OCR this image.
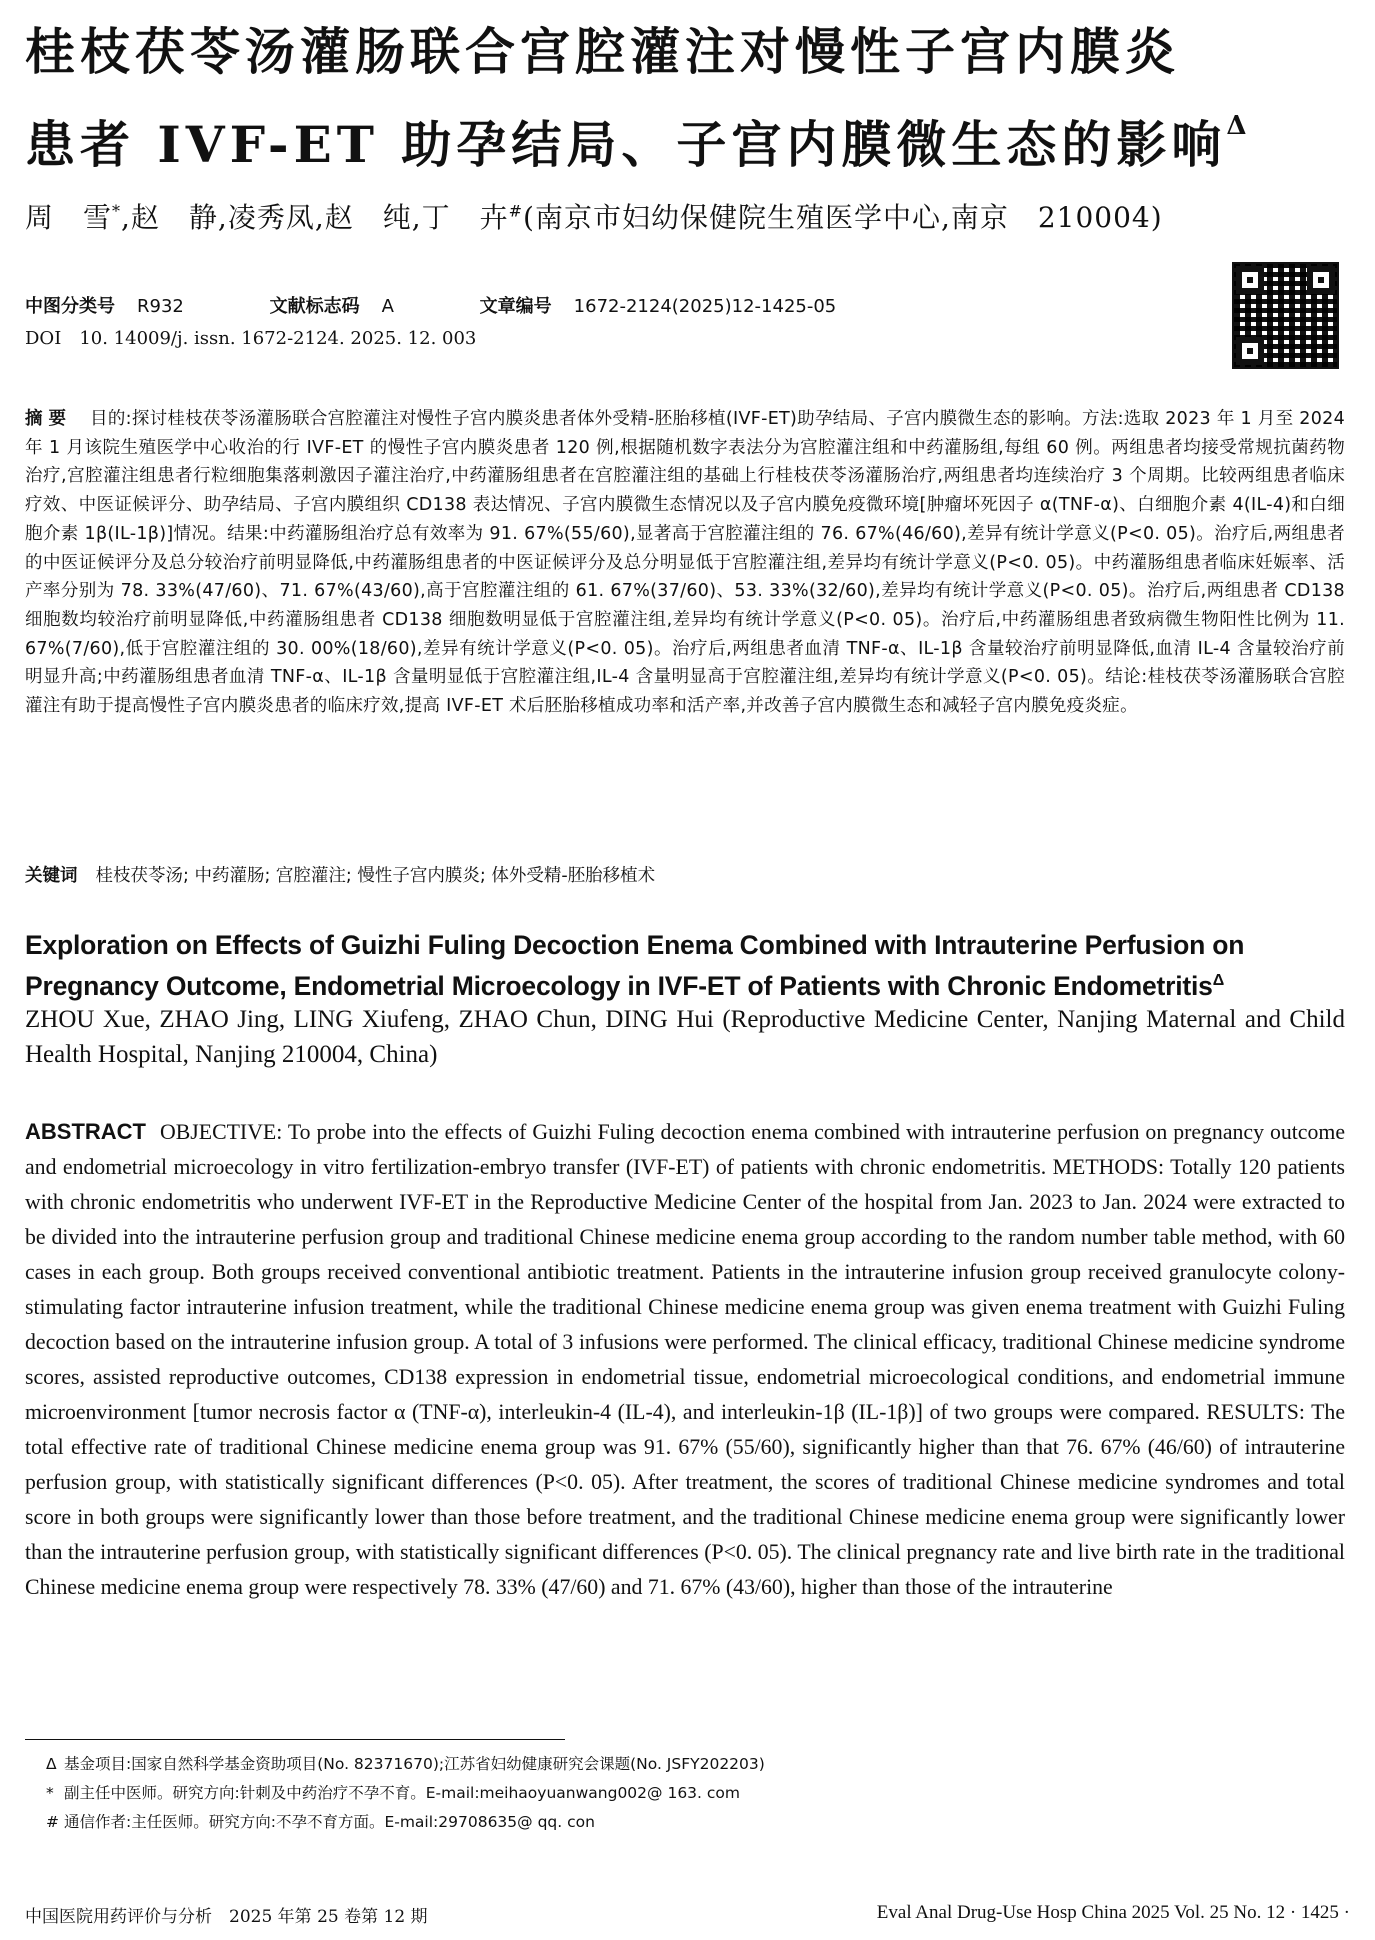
桂枝茯苓汤灌肠联合宫腔灌注对慢性子宫内膜炎
患者 IVF-ET 助孕结局、子宫内膜微生态的影响$^\Delta$
周　雪*,赵　静,凌秀凤,赵　纯,丁　卉#(南京市妇幼保健院生殖医学中心,南京　210004)
中图分类号 R932	文献标志码 A	文章编号 1672-2124(2025)12-1425-05
DOI 10. 14009/j. issn. 1672-2124. 2025. 12. 003
摘要 目的:探讨桂枝茯苓汤灌肠联合宫腔灌注对慢性子宫内膜炎患者体外受精-胚胎移植(IVF-ET)助孕结局、子宫内膜微生态的影响。方法:选取 2023 年 1 月至 2024 年 1 月该院生殖医学中心收治的行 IVF-ET 的慢性子宫内膜炎患者 120 例,根据随机数字表法分为宫腔灌注组和中药灌肠组,每组 60 例。两组患者均接受常规抗菌药物治疗,宫腔灌注组患者行粒细胞集落刺激因子灌注治疗,中药灌肠组患者在宫腔灌注组的基础上行桂枝茯苓汤灌肠治疗,两组患者均连续治疗 3 个周期。比较两组患者临床疗效、中医证候评分、助孕结局、子宫内膜组织 CD138 表达情况、子宫内膜微生态情况以及子宫内膜免疫微环境[肿瘤坏死因子 α(TNF-α)、白细胞介素 4(IL-4)和白细胞介素 1β(IL-1β)]情况。结果:中药灌肠组治疗总有效率为 91. 67%(55/60),显著高于宫腔灌注组的 76. 67%(46/60),差异有统计学意义(P<0. 05)。治疗后,两组患者的中医证候评分及总分较治疗前明显降低,中药灌肠组患者的中医证候评分及总分明显低于宫腔灌注组,差异均有统计学意义(P<0. 05)。中药灌肠组患者临床妊娠率、活产率分别为 78. 33%(47/60)、71. 67%(43/60),高于宫腔灌注组的 61. 67%(37/60)、53. 33%(32/60),差异均有统计学意义(P<0. 05)。治疗后,两组患者 CD138 细胞数均较治疗前明显降低,中药灌肠组患者 CD138 细胞数明显低于宫腔灌注组,差异均有统计学意义(P<0. 05)。治疗后,中药灌肠组患者致病微生物阳性比例为 11. 67%(7/60),低于宫腔灌注组的 30. 00%(18/60),差异有统计学意义(P<0. 05)。治疗后,两组患者血清 TNF-α、IL-1β 含量较治疗前明显降低,血清 IL-4 含量较治疗前明显升高;中药灌肠组患者血清 TNF-α、IL-1β 含量明显低于宫腔灌注组,IL-4 含量明显高于宫腔灌注组,差异均有统计学意义(P<0. 05)。结论:桂枝茯苓汤灌肠联合宫腔灌注有助于提高慢性子宫内膜炎患者的临床疗效,提高 IVF-ET 术后胚胎移植成功率和活产率,并改善子宫内膜微生态和减轻子宫内膜免疫炎症。
关键词 桂枝茯苓汤; 中药灌肠; 宫腔灌注; 慢性子宫内膜炎; 体外受精-胚胎移植术
Exploration on Effects of Guizhi Fuling Decoction Enema Combined with Intrauterine Perfusion on
Pregnancy Outcome, Endometrial Microecology in IVF-ET of Patients with Chronic Endometritis$^\Delta$
ZHOU Xue, ZHAO Jing, LING Xiufeng, ZHAO Chun, DING Hui (Reproductive Medicine Center, Nanjing Maternal and Child Health Hospital, Nanjing 210004, China)
ABSTRACT OBJECTIVE: To probe into the effects of Guizhi Fuling decoction enema combined with intrauterine perfusion on pregnancy outcome and endometrial microecology in vitro fertilization-embryo transfer (IVF-ET) of patients with chronic endometritis. METHODS: Totally 120 patients with chronic endometritis who underwent IVF-ET in the Reproductive Medicine Center of the hospital from Jan. 2023 to Jan. 2024 were extracted to be divided into the intrauterine perfusion group and traditional Chinese medicine enema group according to the random number table method, with 60 cases in each group. Both groups received conventional antibiotic treatment. Patients in the intrauterine infusion group received granulocyte colony-stimulating factor intrauterine infusion treatment, while the traditional Chinese medicine enema group was given enema treatment with Guizhi Fuling decoction based on the intrauterine infusion group. A total of 3 infusions were performed. The clinical efficacy, traditional Chinese medicine syndrome scores, assisted reproductive outcomes, CD138 expression in endometrial tissue, endometrial microecological conditions, and endometrial immune microenvironment [tumor necrosis factor α (TNF-α), interleukin-4 (IL-4), and interleukin-1β (IL-1β)] of two groups were compared. RESULTS: The total effective rate of traditional Chinese medicine enema group was 91. 67% (55/60), significantly higher than that 76. 67% (46/60) of intrauterine perfusion group, with statistically significant differences (P<0. 05). After treatment, the scores of traditional Chinese medicine syndromes and total score in both groups were significantly lower than those before treatment, and the traditional Chinese medicine enema group were significantly lower than the intrauterine perfusion group, with statistically significant differences (P<0. 05). The clinical pregnancy rate and live birth rate in the traditional Chinese medicine enema group were respectively 78. 33% (47/60) and 71. 67% (43/60), higher than those of the intrauterine
Δ 基金项目:国家自然科学基金资助项目(No. 82371670);江苏省妇幼健康研究会课题(No. JSFY202203)
* 副主任中医师。研究方向:针刺及中药治疗不孕不育。E-mail:meihaoyuanwang002@ 163. com
# 通信作者:主任医师。研究方向:不孕不育方面。E-mail:29708635@ qq. con
中国医院用药评价与分析　2025 年第 25 卷第 12 期	Eval Anal Drug-Use Hosp China 2025 Vol. 25 No. 12 · 1425 ·
